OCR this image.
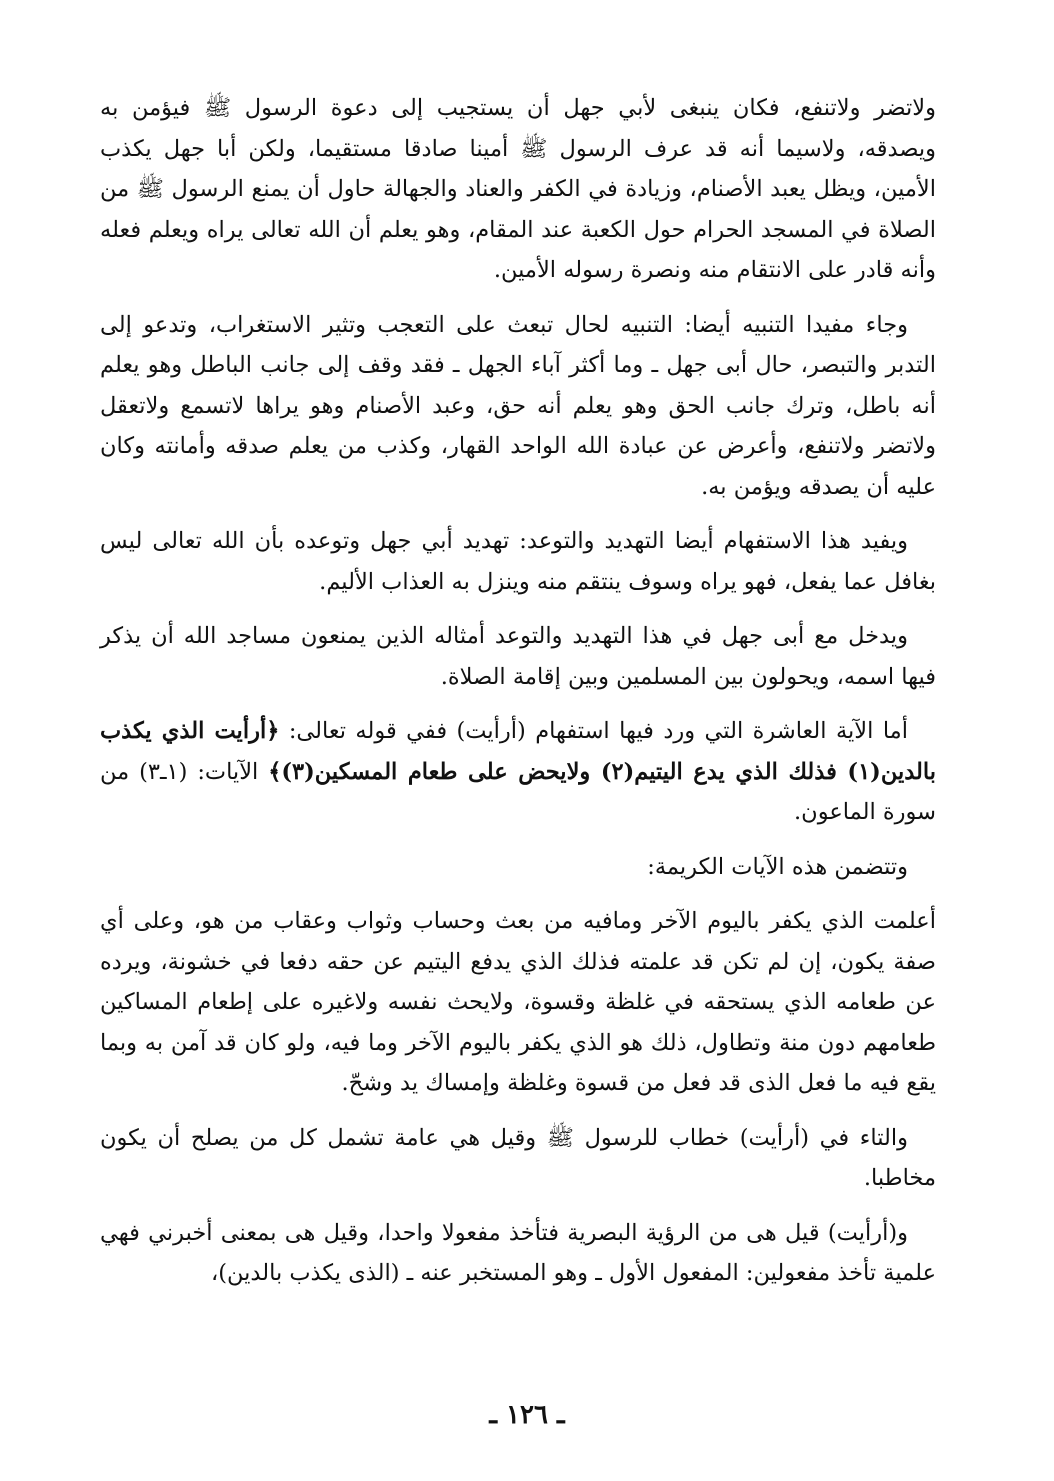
ولاتضر ولاتنفع، فكان ينبغى لأبي جهل أن يستجيب إلى دعوة الرسول ﷺ فيؤمن به ويصدقه، ولاسيما أنه قد عرف الرسول ﷺ أمينا صادقا مستقيما، ولكن أبا جهل يكذب الأمين، ويظل يعبد الأصنام، وزيادة في الكفر والعناد والجهالة حاول أن يمنع الرسول ﷺ من الصلاة في المسجد الحرام حول الكعبة عند المقام، وهو يعلم أن الله تعالى يراه ويعلم فعله وأنه قادر على الانتقام منه ونصرة رسوله الأمين.

وجاء مفيدا التنبيه أيضا: التنبيه لحال تبعث على التعجب وتثير الاستغراب، وتدعو إلى التدبر والتبصر، حال أبى جهل ـ وما أكثر آباء الجهل ـ فقد وقف إلى جانب الباطل وهو يعلم أنه باطل، وترك جانب الحق وهو يعلم أنه حق، وعبد الأصنام وهو يراها لاتسمع ولاتعقل ولاتضر ولاتنفع، وأعرض عن عبادة الله الواحد القهار، وكذب من يعلم صدقه وأمانته وكان عليه أن يصدقه ويؤمن به.

ويفيد هذا الاستفهام أيضا التهديد والتوعد: تهديد أبي جهل وتوعده بأن الله تعالى ليس بغافل عما يفعل، فهو يراه وسوف ينتقم منه وينزل به العذاب الأليم.

ويدخل مع أبى جهل في هذا التهديد والتوعد أمثاله الذين يمنعون مساجد الله أن يذكر فيها اسمه، ويحولون بين المسلمين وبين إقامة الصلاة.

أما الآية العاشرة التي ورد فيها استفهام (أرأيت) ففي قوله تعالى: ﴿أرأيت الذي يكذب بالدين(١) فذلك الذي يدع اليتيم(٢) ولايحض على طعام المسكين(٣)﴾ الآيات: (١ـ٣) من سورة الماعون.

وتتضمن هذه الآيات الكريمة:

أعلمت الذي يكفر باليوم الآخر ومافيه من بعث وحساب وثواب وعقاب من هو، وعلى أي صفة يكون، إن لم تكن قد علمته فذلك الذي يدفع اليتيم عن حقه دفعا في خشونة، ويرده عن طعامه الذي يستحقه في غلظة وقسوة، ولايحث نفسه ولاغيره على إطعام المساكين طعامهم دون منة وتطاول، ذلك هو الذي يكفر باليوم الآخر وما فيه، ولو كان قد آمن به وبما يقع فيه ما فعل الذى قد فعل من قسوة وغلظة وإمساك يد وشحّ.

والتاء في (أرأيت) خطاب للرسول ﷺ وقيل هي عامة تشمل كل من يصلح أن يكون مخاطبا.

و(أرأيت) قيل هى من الرؤية البصرية فتأخذ مفعولا واحدا، وقيل هى بمعنى أخبرني فهي علمية تأخذ مفعولين: المفعول الأول ـ وهو المستخبر عنه ـ (الذى يكذب بالدين)،

ـ ١٢٦ ـ
